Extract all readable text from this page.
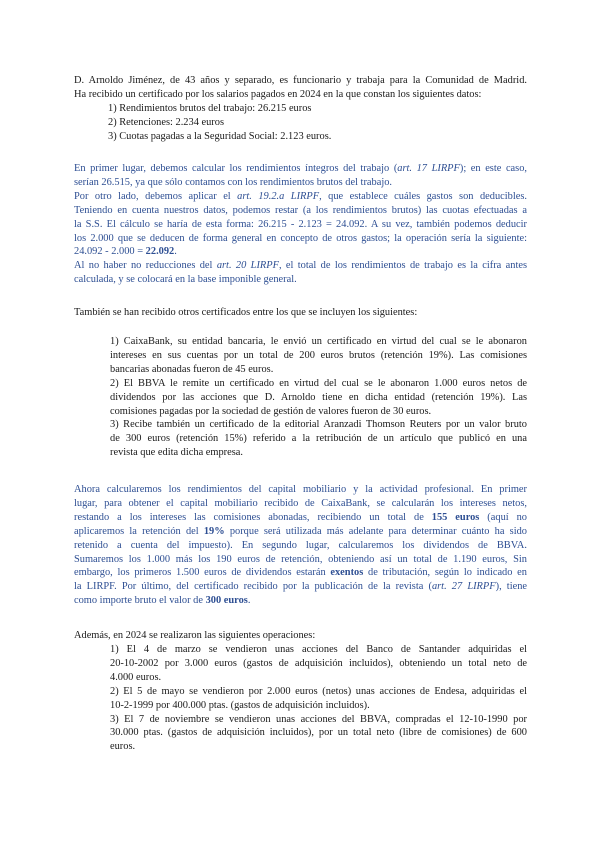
D. Arnoldo Jiménez, de 43 años y separado, es funcionario y trabaja para la Comunidad de Madrid.
Ha recibido un certificado por los salarios pagados en 2024 en la que constan los siguientes datos:
1) Rendimientos brutos del trabajo: 26.215 euros
2) Retenciones: 2.234 euros
3) Cuotas pagadas a la Seguridad Social: 2.123 euros.
En primer lugar, debemos calcular los rendimientos íntegros del trabajo (art. 17 LIRPF); en este caso,
serían 26.515, ya que sólo contamos con los rendimientos brutos del trabajo.
Por otro lado, debemos aplicar el art. 19.2.a LIRPF, que establece cuáles gastos son deducibles.
Teniendo en cuenta nuestros datos, podemos restar (a los rendimientos brutos) las cuotas efectuadas a
la S.S. El cálculo se haría de esta forma: 26.215 - 2.123 = 24.092. A su vez, también podemos deducir
los 2.000 que se deducen de forma general en concepto de otros gastos; la operación sería la siguiente:
24.092 - 2.000 = 22.092.
Al no haber no reducciones del art. 20 LIRPF, el total de los rendimientos de trabajo es la cifra antes
calculada, y se colocará en la base imponible general.
También se han recibido otros certificados entre los que se incluyen los siguientes:
1) CaixaBank, su entidad bancaria, le envió un certificado en virtud del cual se le abonaron
intereses en sus cuentas por un total de 200 euros brutos (retención 19%). Las comisiones
bancarias abonadas fueron de 45 euros.
2) El BBVA le remite un certificado en virtud del cual se le abonaron 1.000 euros netos de
dividendos por las acciones que D. Arnoldo tiene en dicha entidad (retención 19%). Las
comisiones pagadas por la sociedad de gestión de valores fueron de 30 euros.
3) Recibe también un certificado de la editorial Aranzadi Thomson Reuters por un valor bruto
de 300 euros (retención 15%) referido a la retribución de un artículo que publicó en una
revista que edita dicha empresa.
Ahora calcularemos los rendimientos del capital mobiliario y la actividad profesional. En primer
lugar, para obtener el capital mobiliario recibido de CaixaBank, se calcularán los intereses netos,
restando a los intereses las comisiones abonadas, recibiendo un total de 155 euros (aquí no
aplicaremos la retención del 19% porque será utilizada más adelante para determinar cuánto ha sido
retenido a cuenta del impuesto). En segundo lugar, calcularemos los dividendos de BBVA.
Sumaremos los 1.000 más los 190 euros de retención, obteniendo así un total de 1.190 euros, Sin
embargo, los primeros 1.500 euros de dividendos estarán exentos de tributación, según lo indicado en
la LIRPF. Por último, del certificado recibido por la publicación de la revista (art. 27 LIRPF), tiene
como importe bruto el valor de 300 euros.
Además, en 2024 se realizaron las siguientes operaciones:
1) El 4 de marzo se vendieron unas acciones del Banco de Santander adquiridas el
20-10-2002 por 3.000 euros (gastos de adquisición incluidos), obteniendo un total neto de
4.000 euros.
2) El 5 de mayo se vendieron por 2.000 euros (netos) unas acciones de Endesa, adquiridas el
10-2-1999 por 400.000 ptas. (gastos de adquisición incluidos).
3) El 7 de noviembre se vendieron unas acciones del BBVA, compradas el 12-10-1990 por
30.000 ptas. (gastos de adquisición incluidos), por un total neto (libre de comisiones) de 600
euros.
